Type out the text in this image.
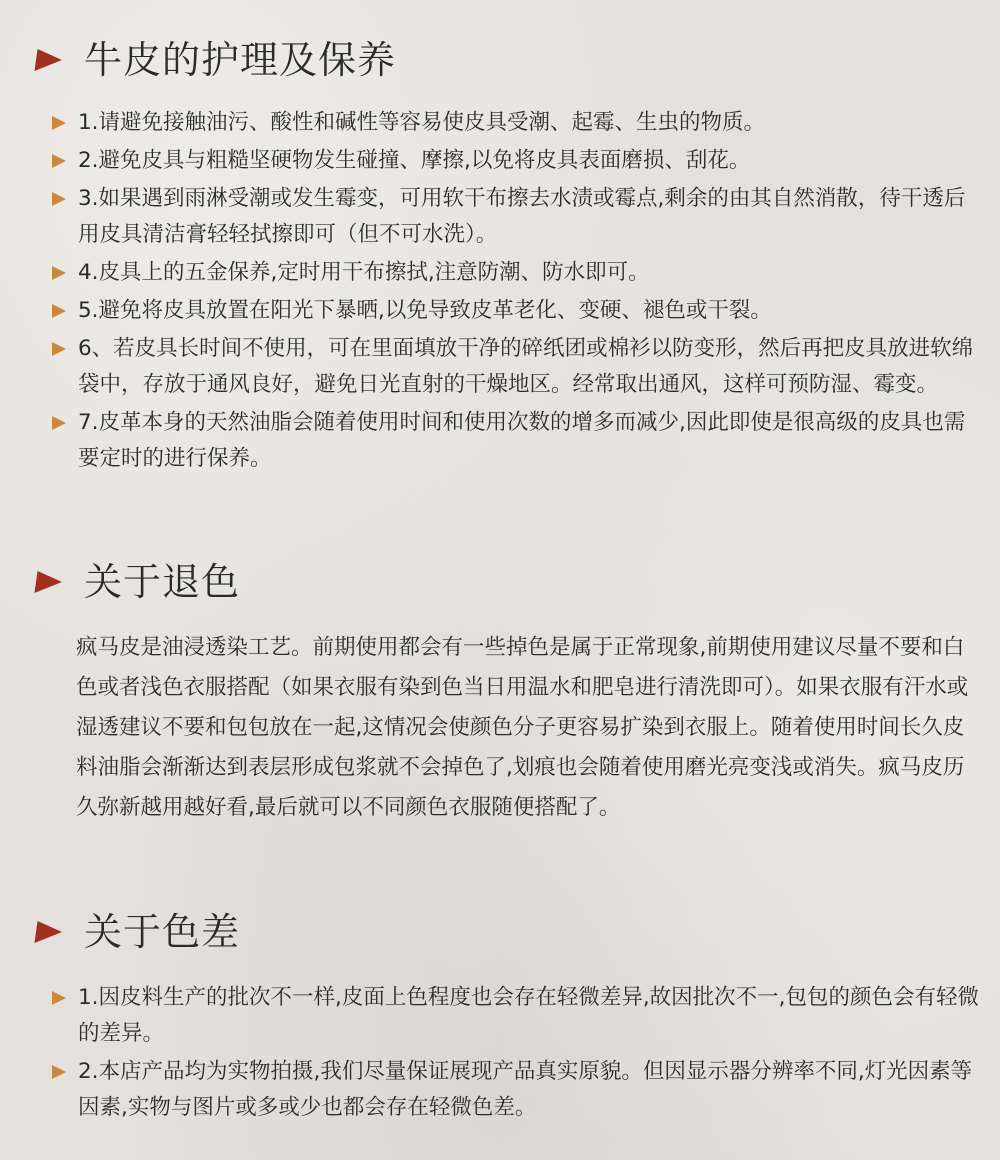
牛皮的护理及保养
1.请避免接触油污、酸性和碱性等容易使皮具受潮、起霉、生虫的物质。
2.避免皮具与粗糙坚硬物发生碰撞、摩擦,以免将皮具表面磨损、刮花。
3.如果遇到雨淋受潮或发生霉变，可用软干布擦去水渍或霉点,剩余的由其自然消散，待干透后用皮具清洁膏轻轻拭擦即可（但不可水洗）。
4.皮具上的五金保养,定时用干布擦拭,注意防潮、防水即可。
5.避免将皮具放置在阳光下暴晒,以免导致皮革老化、变硬、褪色或干裂。
6、若皮具长时间不使用，可在里面填放干净的碎纸团或棉衫以防变形，然后再把皮具放进软绵袋中，存放于通风良好，避免日光直射的干燥地区。经常取出通风，这样可预防湿、霉变。
7.皮革本身的天然油脂会随着使用时间和使用次数的增多而减少,因此即使是很高级的皮具也需要定时的进行保养。
关于退色

疯马皮是油浸透染工艺。前期使用都会有一些掉色是属于正常现象,前期使用建议尽量不要和白色或者浅色衣服搭配（如果衣服有染到色当日用温水和肥皂进行清洗即可）。如果衣服有汗水或湿透建议不要和包包放在一起,这情况会使颜色分子更容易扩染到衣服上。随着使用时间长久皮料油脂会渐渐达到表层形成包浆就不会掉色了,划痕也会随着使用磨光亮变浅或消失。疯马皮历久弥新越用越好看,最后就可以不同颜色衣服随便搭配了。

关于色差
1.因皮料生产的批次不一样,皮面上色程度也会存在轻微差异,故因批次不一,包包的颜色会有轻微的差异。
2.本店产品均为实物拍摄,我们尽量保证展现产品真实原貌。但因显示器分辨率不同,灯光因素等因素,实物与图片或多或少也都会存在轻微色差。
